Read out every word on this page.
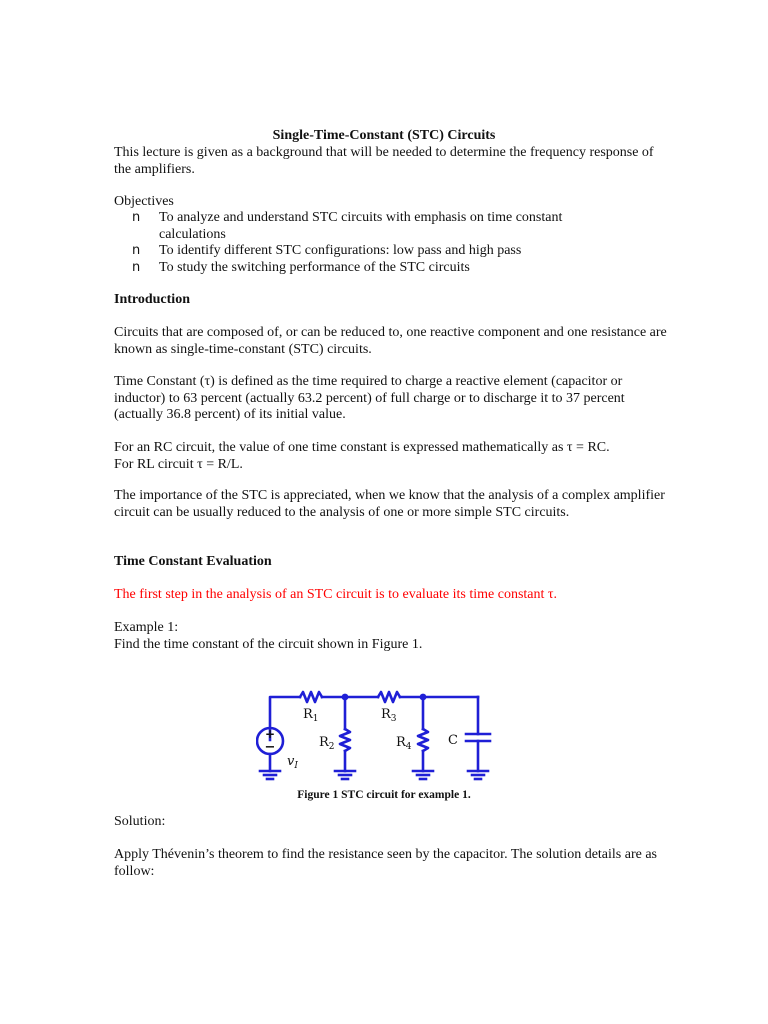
Single-Time-Constant (STC) Circuits

This lecture is given as a background that will be needed to determine the frequency response of the amplifiers.

Objectives

n To analyze and understand STC circuits with emphasis on time constant calculations
n To identify different STC configurations: low pass and high pass
n To study the switching performance of the STC circuits

Introduction

Circuits that are composed of, or can be reduced to, one reactive component and one resistance are known as single-time-constant (STC) circuits.

Time Constant (τ) is defined as the time required to charge a reactive element (capacitor or inductor) to 63 percent (actually 63.2 percent) of full charge or to discharge it to 37 percent (actually 36.8 percent) of its initial value.

For an RC circuit, the value of one time constant is expressed mathematically as τ = RC.
For RL circuit τ = R/L.

The importance of the STC is appreciated, when we know that the analysis of a complex amplifier circuit can be usually reduced to the analysis of one or more simple STC circuits.

Time Constant Evaluation

The first step in the analysis of an STC circuit is to evaluate its time constant τ.

Example 1:

Find the time constant of the circuit shown in Figure 1.

+
−
$R_1$	$R_3$
$R_2$	$R_4$	C
$v_I$
Figure 1 STC circuit for example 1.

Solution:

Apply Thévenin’s theorem to find the resistance seen by the capacitor. The solution details are as follow:
